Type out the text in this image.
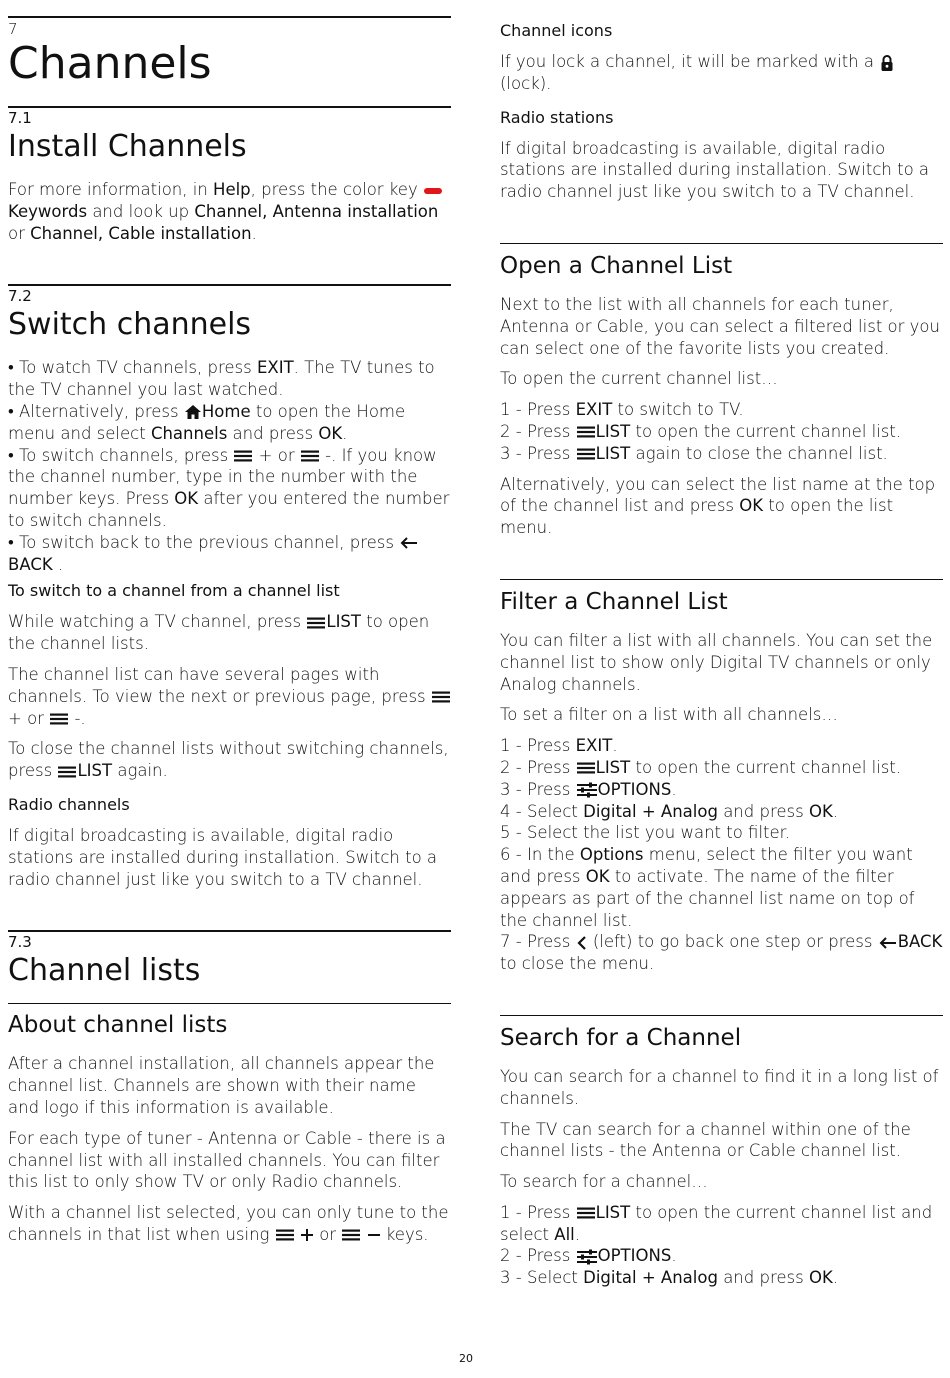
7
Channels
7.1
Install Channels

For more information, in Help, press the color key  Keywords and look up Channel, Antenna installation or Channel, Cable installation.

7.2
Switch channels

• To watch TV channels, press EXIT. The TV tunes to the TV channel you last watched.
• Alternatively, press Home to open the Home menu and select Channels and press OK.
• To switch channels, press  + or  -. If you know the channel number, type in the number with the number keys. Press OK after you entered the number to switch channels.
• To switch back to the previous channel, press BACK .

To switch to a channel from a channel list

While watching a TV channel, press LIST to open the channel lists.

The channel list can have several pages with channels. To view the next or previous page, press  + or  -.

To close the channel lists without switching channels, press LIST again.

Radio channels

If digital broadcasting is available, digital radio stations are installed during installation. Switch to a radio channel just like you switch to a TV channel.

7.3
Channel lists
About channel lists

After a channel installation, all channels appear the channel list. Channels are shown with their name and logo if this information is available.

For each type of tuner - Antenna or Cable - there is a channel list with all installed channels. You can filter this list to only show TV or only Radio channels.

With a channel list selected, you can only tune to the channels in that list when using   or   keys.

Channel icons

If you lock a channel, it will be marked with a  (lock).

Radio stations

If digital broadcasting is available, digital radio stations are installed during installation. Switch to a radio channel just like you switch to a TV channel.

Open a Channel List

Next to the list with all channels for each tuner, Antenna or Cable, you can select a filtered list or you can select one of the favorite lists you created.

To open the current channel list…

1 - Press EXIT to switch to TV.
2 - Press LIST to open the current channel list.
3 - Press LIST again to close the channel list.

Alternatively, you can select the list name at the top of the channel list and press OK to open the list menu.

Filter a Channel List

You can filter a list with all channels. You can set the channel list to show only Digital TV channels or only Analog channels.

To set a filter on a list with all channels…

1 - Press EXIT.
2 - Press LIST to open the current channel list.
3 - Press OPTIONS.
4 - Select Digital + Analog and press OK.
5 - Select the list you want to filter.
6 - In the Options menu, select the filter you want and press OK to activate. The name of the filter appears as part of the channel list name on top of the channel list.
7 - Press  (left) to go back one step or press BACK to close the menu.
Search for a Channel

You can search for a channel to find it in a long list of channels.

The TV can search for a channel within one of the channel lists - the Antenna or Cable channel list.

To search for a channel…

1 - Press LIST to open the current channel list and select All.
2 - Press OPTIONS.
3 - Select Digital + Analog and press OK.
20
